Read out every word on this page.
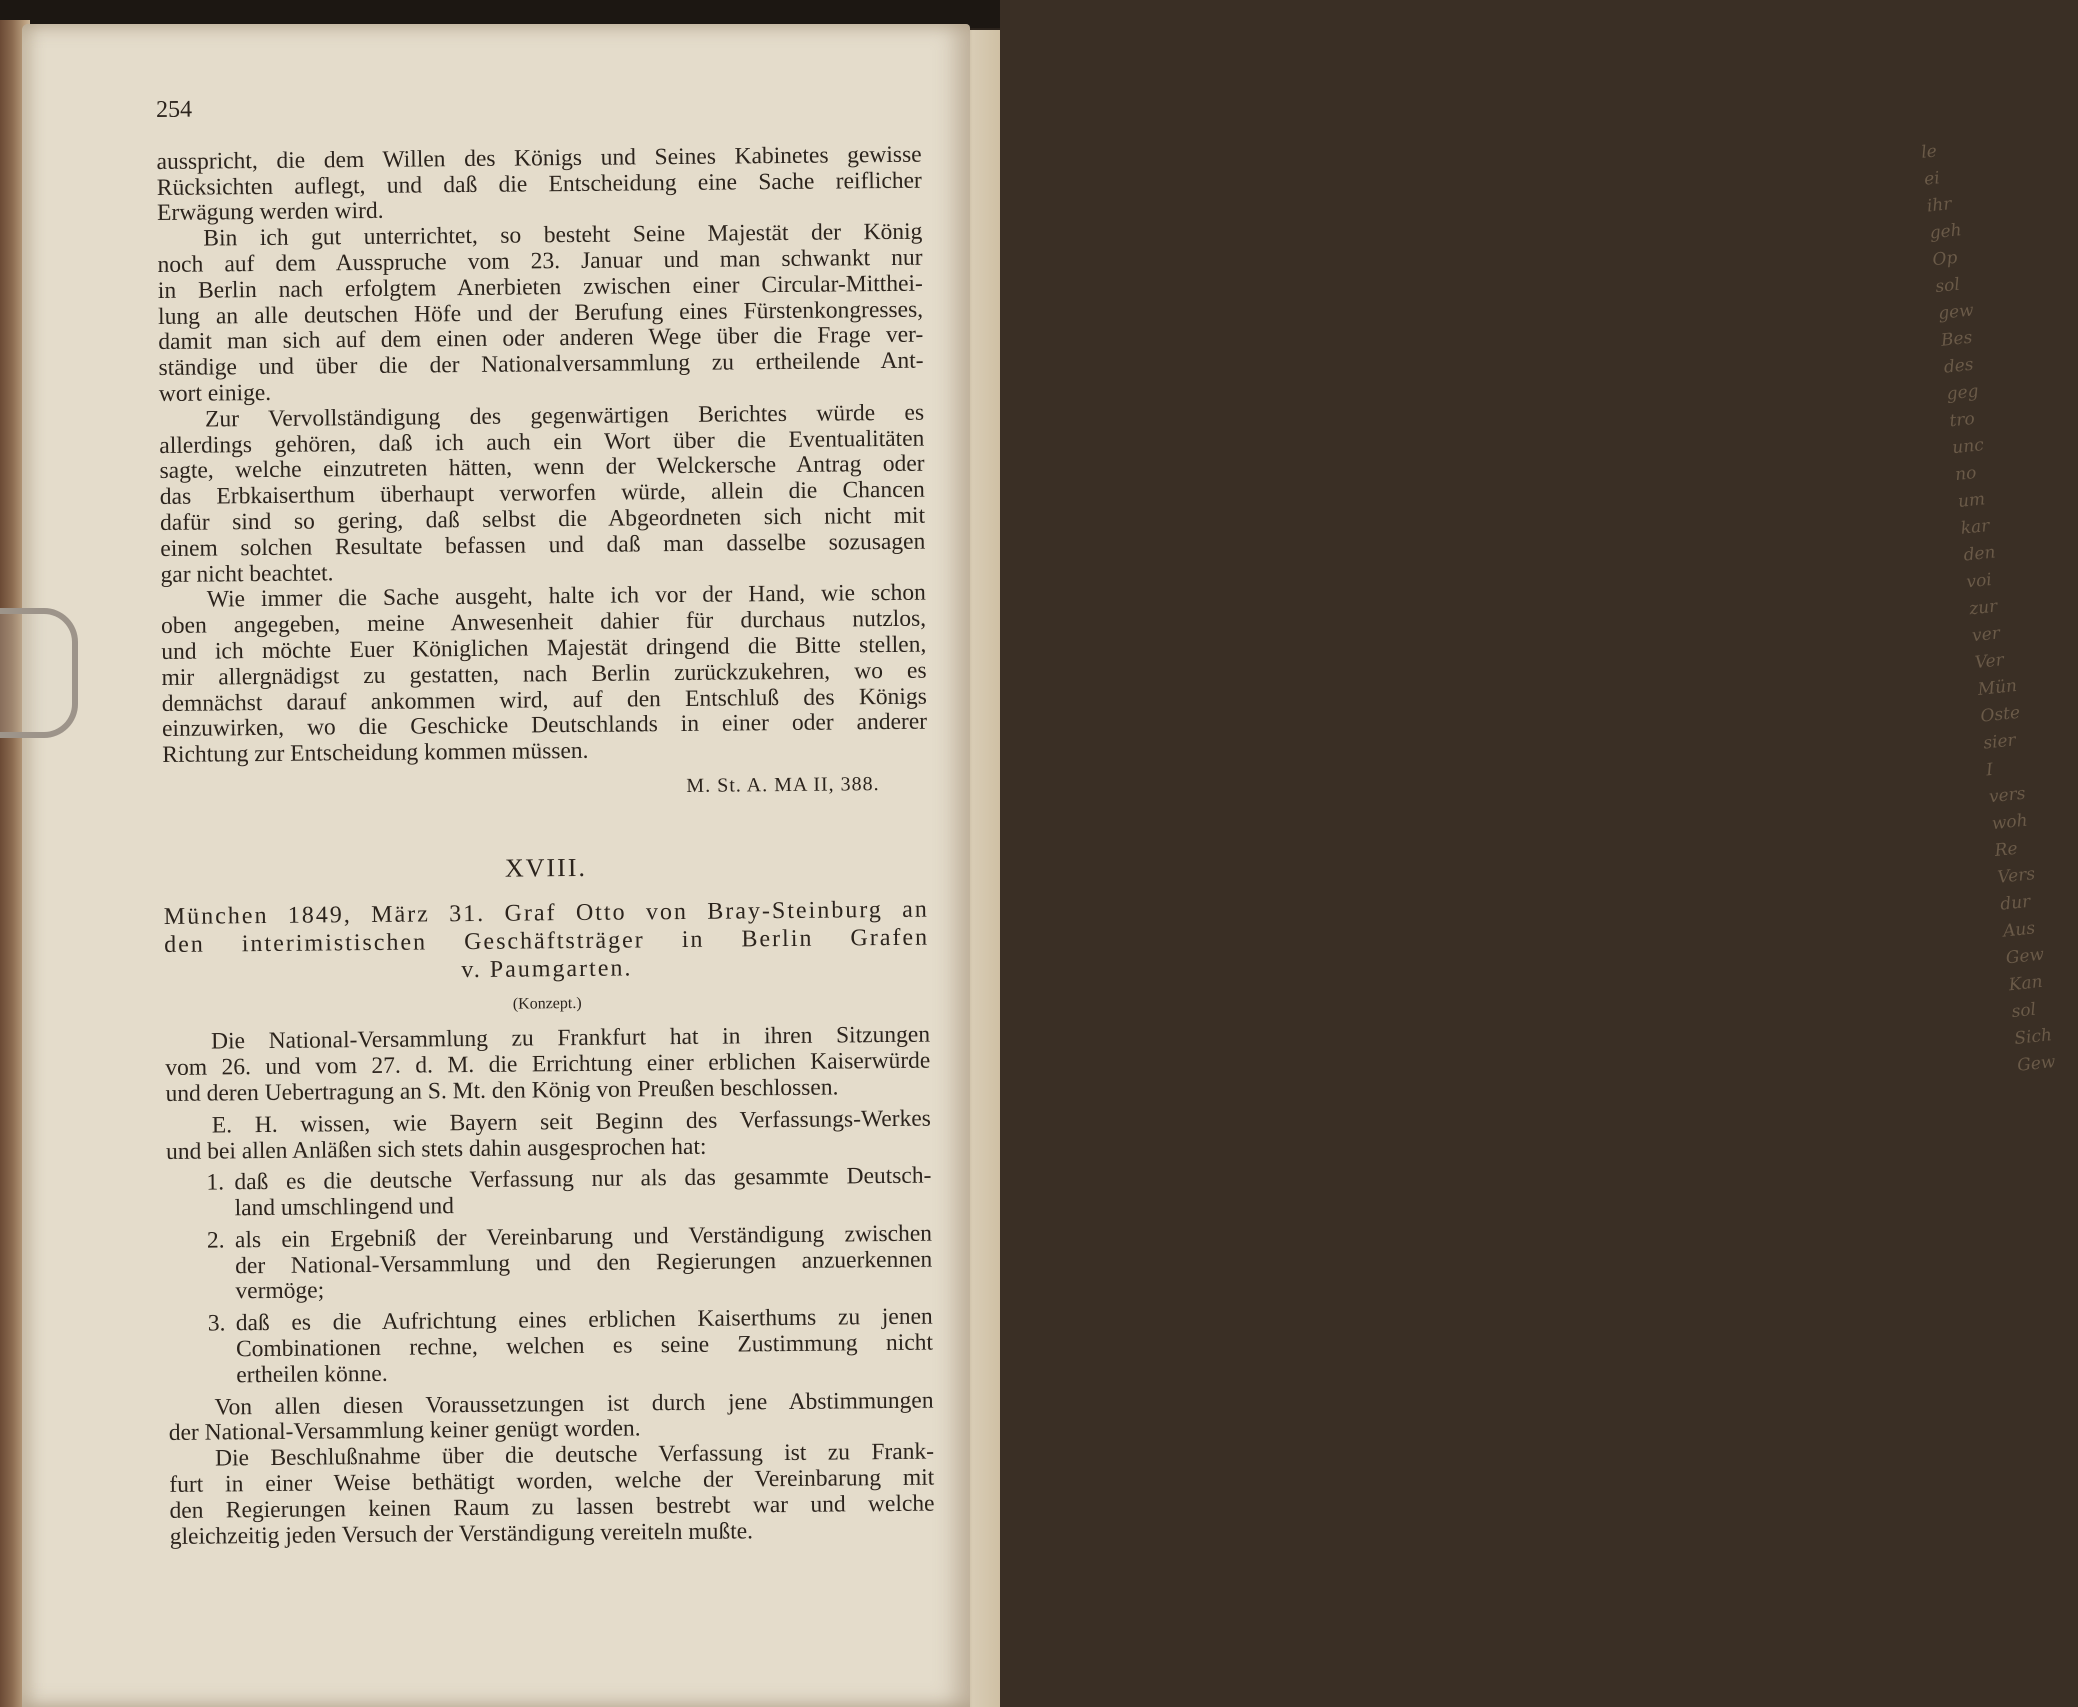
le
ei
ihr
geh
Op
sol
gew
Bes
des
geg
tro
unc
no
um
kar
den
voi
zur
ver
Ver
Mün
Oste
sier
I
vers
woh
Re
Vers
dur
Aus
Gew
Kan
sol
Sich
Gew
254
ausspricht, die dem Willen des Königs und Seines Kabinetes gewisse
Rücksichten auflegt, und daß die Entscheidung eine Sache reiflicher
Erwägung werden wird.
Bin ich gut unterrichtet, so besteht Seine Majestät der König
noch auf dem Ausspruche vom 23. Januar und man schwankt nur
in Berlin nach erfolgtem Anerbieten zwischen einer Circular-Mitthei-
lung an alle deutschen Höfe und der Berufung eines Fürstenkongresses,
damit man sich auf dem einen oder anderen Wege über die Frage ver-
ständige und über die der Nationalversammlung zu ertheilende Ant-
wort einige.
Zur Vervollständigung des gegenwärtigen Berichtes würde es
allerdings gehören, daß ich auch ein Wort über die Eventualitäten
sagte, welche einzutreten hätten, wenn der Welckersche Antrag oder
das Erbkaiserthum überhaupt verworfen würde, allein die Chancen
dafür sind so gering, daß selbst die Abgeordneten sich nicht mit
einem solchen Resultate befassen und daß man dasselbe sozusagen
gar nicht beachtet.
Wie immer die Sache ausgeht, halte ich vor der Hand, wie schon
oben angegeben, meine Anwesenheit dahier für durchaus nutzlos,
und ich möchte Euer Königlichen Majestät dringend die Bitte stellen,
mir allergnädigst zu gestatten, nach Berlin zurückzukehren, wo es
demnächst darauf ankommen wird, auf den Entschluß des Königs
einzuwirken, wo die Geschicke Deutschlands in einer oder anderer
Richtung zur Entscheidung kommen müssen.
M. St. A. MA II, 388.
XVIII.
München 1849, März 31. Graf Otto von Bray-Steinburg an
den interimistischen Geschäftsträger in Berlin Grafen
v. Paumgarten.
(Konzept.)
Die National-Versammlung zu Frankfurt hat in ihren Sitzungen
vom 26. und vom 27. d. M. die Errichtung einer erblichen Kaiserwürde
und deren Uebertragung an S. Mt. den König von Preußen beschlossen.
E. H. wissen, wie Bayern seit Beginn des Verfassungs-Werkes
und bei allen Anläßen sich stets dahin ausgesprochen hat:
1. daß es die deutsche Verfassung nur als das gesammte Deutsch-
land umschlingend und
2. als ein Ergebniß der Vereinbarung und Verständigung zwischen
der National-Versammlung und den Regierungen anzuerkennen
vermöge;
3. daß es die Aufrichtung eines erblichen Kaiserthums zu jenen
Combinationen rechne, welchen es seine Zustimmung nicht
ertheilen könne.
Von allen diesen Voraussetzungen ist durch jene Abstimmungen
der National-Versammlung keiner genügt worden.
Die Beschlußnahme über die deutsche Verfassung ist zu Frank-
furt in einer Weise bethätigt worden, welche der Vereinbarung mit
den Regierungen keinen Raum zu lassen bestrebt war und welche
gleichzeitig jeden Versuch der Verständigung vereiteln mußte.
